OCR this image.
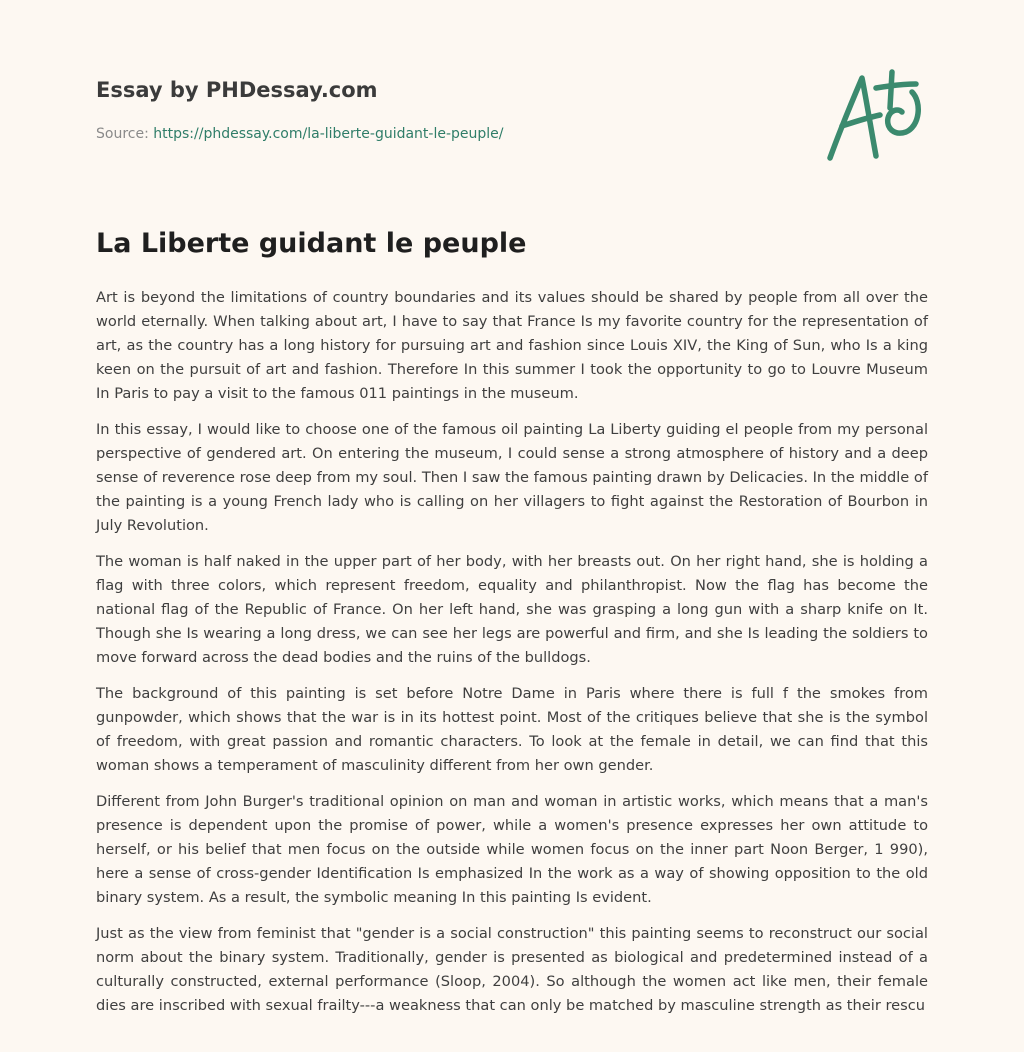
Essay by PHDessay.com
Source: https://phdessay.com/la-liberte-guidant-le-peuple/
La Liberte guidant le peuple

Art is beyond the limitations of country boundaries and its values should be shared by people from all over the world eternally. When talking about art, I have to say that France Is my favorite country for the representation of art, as the country has a long history for pursuing art and fashion since Louis XIV, the King of Sun, who Is a king keen on the pursuit of art and fashion. Therefore In this summer I took the opportunity to go to Louvre Museum In Paris to pay a visit to the famous 011 paintings in the museum.

In this essay, I would like to choose one of the famous oil painting La Liberty guiding el people from my personal perspective of gendered art. On entering the museum, I could sense a strong atmosphere of history and a deep sense of reverence rose deep from my soul. Then I saw the famous painting drawn by Delicacies. In the middle of the painting is a young French lady who is calling on her villagers to fight against the Restoration of Bourbon in July Revolution.

The woman is half naked in the upper part of her body, with her breasts out. On her right hand, she is holding a flag with three colors, which represent freedom, equality and philanthropist. Now the flag has become the national flag of the Republic of France. On her left hand, she was grasping a long gun with a sharp knife on It. Though she Is wearing a long dress, we can see her legs are powerful and firm, and she Is leading the soldiers to move forward across the dead bodies and the ruins of the bulldogs.

The background of this painting is set before Notre Dame in Paris where there is full f the smokes from gunpowder, which shows that the war is in its hottest point. Most of the critiques believe that she is the symbol of freedom, with great passion and romantic characters. To look at the female in detail, we can find that this woman shows a temperament of masculinity different from her own gender.

Different from John Burger's traditional opinion on man and woman in artistic works, which means that a man's presence is dependent upon the promise of power, while a women's presence expresses her own attitude to herself, or his belief that men focus on the outside while women focus on the inner part Noon Berger, 1 990), here a sense of cross-gender Identification Is emphasized In the work as a way of showing opposition to the old binary system. As a result, the symbolic meaning In this painting Is evident.

Just as the view from feminist that "gender is a social construction" this painting seems to reconstruct our social norm about the binary system. Traditionally, gender is presented as biological and predetermined instead of a culturally constructed, external performance (Sloop, 2004). So although the women act like men, their female dies are inscribed with sexual frailty---a weakness that can only be matched by masculine strength as their rescu
